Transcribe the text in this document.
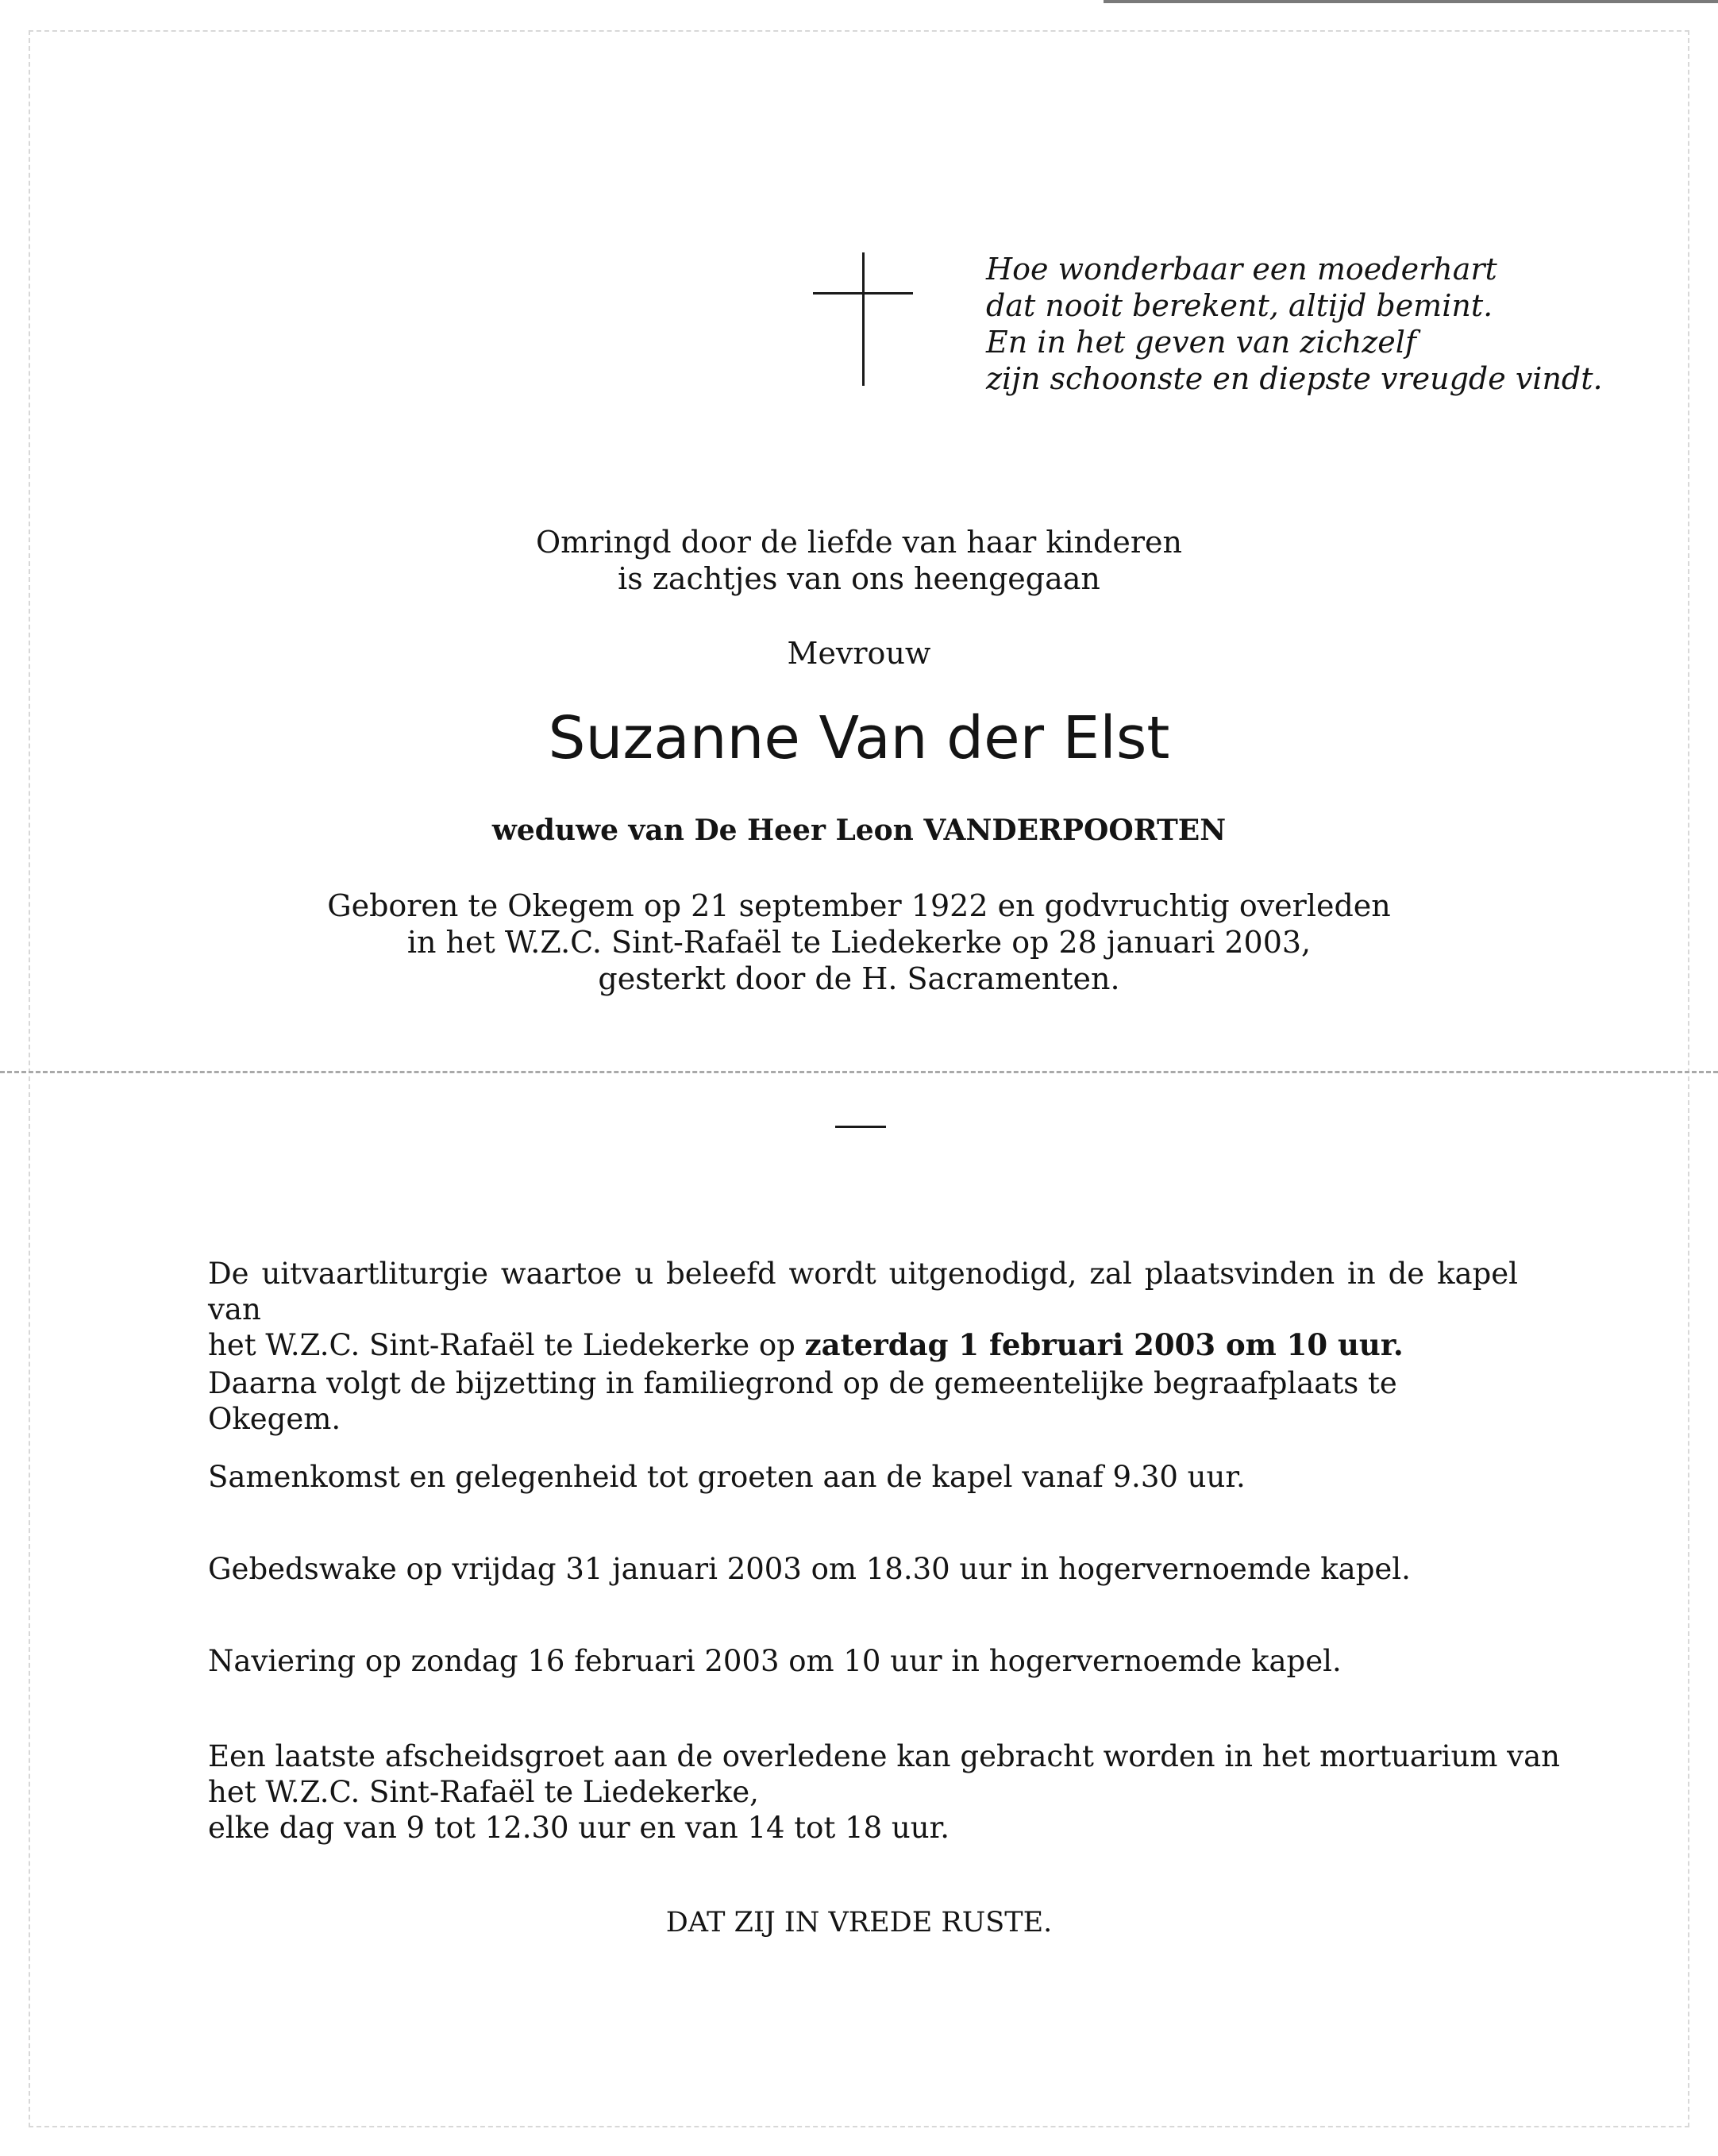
Hoe wonderbaar een moederhart
dat nooit berekent, altijd bemint.
En in het geven van zichzelf
zijn schoonste en diepste vreugde vindt.
Omringd door de liefde van haar kinderen
is zachtjes van ons heengegaan
Mevrouw
Suzanne Van der Elst
weduwe van De Heer Leon VANDERPOORTEN
Geboren te Okegem op 21 september 1922 en godvruchtig overleden
in het W.Z.C. Sint-Rafaël te Liedekerke op 28 januari 2003,
gesterkt door de H. Sacramenten.
De uitvaartliturgie waartoe u beleefd wordt uitgenodigd, zal plaatsvinden in de kapel van
het W.Z.C. Sint-Rafaël te Liedekerke op zaterdag 1 februari 2003 om 10 uur.
Daarna volgt de bijzetting in familiegrond op de gemeentelijke begraafplaats te Okegem.
Samenkomst en gelegenheid tot groeten aan de kapel vanaf 9.30 uur.
Gebedswake op vrijdag 31 januari 2003 om 18.30 uur in hogervernoemde kapel.
Naviering op zondag 16 februari 2003 om 10 uur in hogervernoemde kapel.
Een laatste afscheidsgroet aan de overledene kan gebracht worden in het mortuarium van
het W.Z.C. Sint-Rafaël te Liedekerke,
elke dag van 9 tot 12.30 uur en van 14 tot 18 uur.
DAT ZIJ IN VREDE RUSTE.
